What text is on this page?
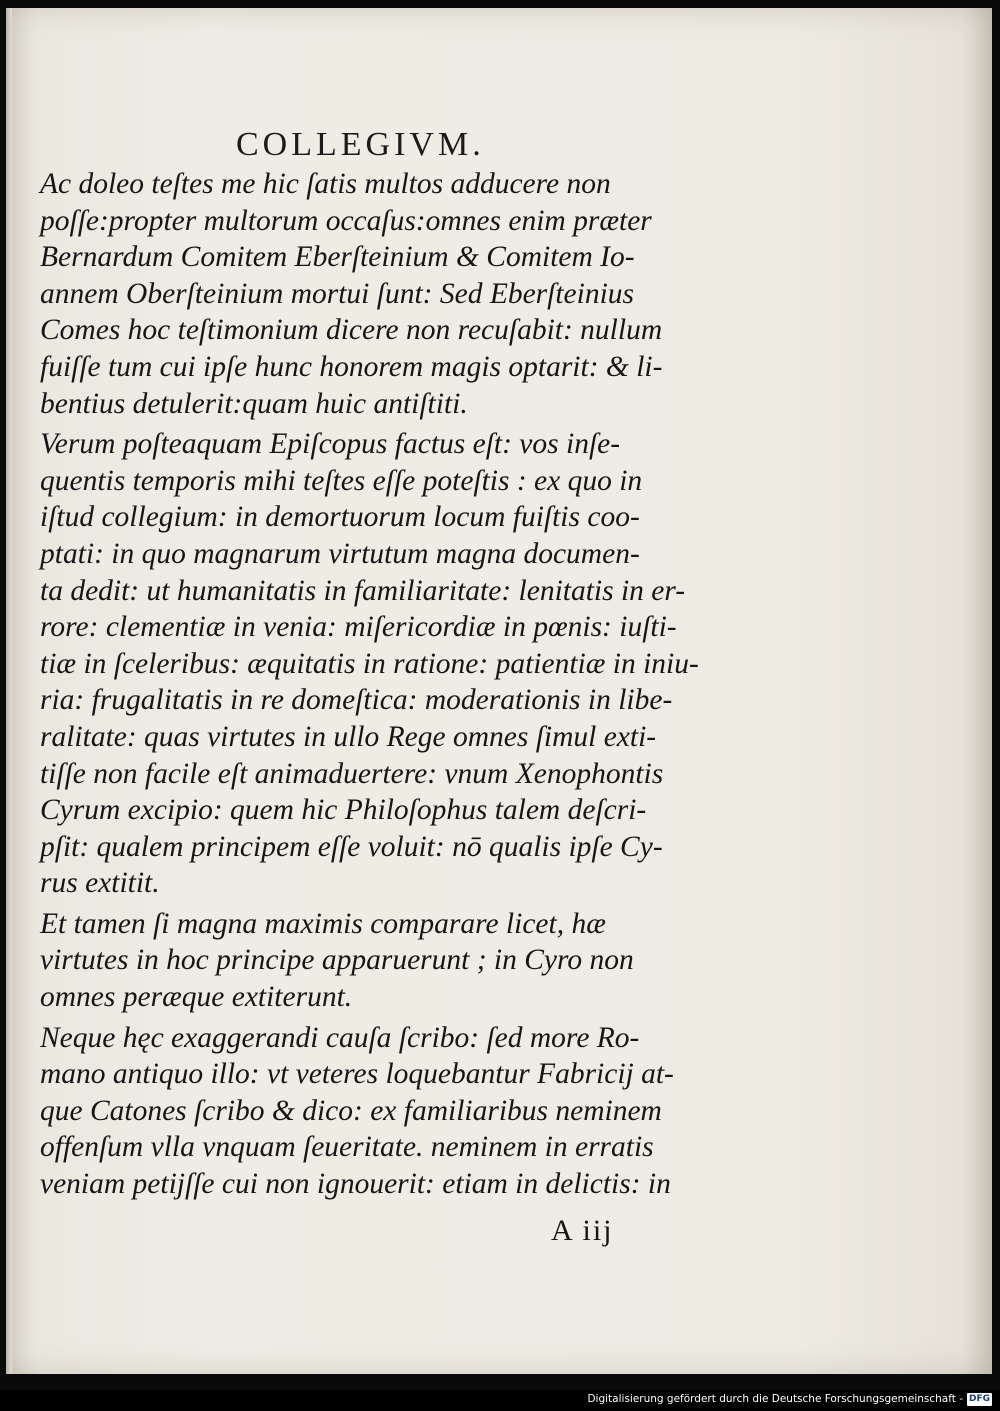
COLLEGIVM.
Ac doleo teſtes me hic ſatis multos adducere non
poſſe:propter multorum occaſus:omnes enim præter
Bernardum Comitem Eberſteinium & Comitem Io-
annem Oberſteinium mortui ſunt: Sed Eberſteinius
Comes hoc teſtimonium dicere non recuſabit: nullum
fuiſſe tum cui ipſe hunc honorem magis optarit: & li-
bentius detulerit:quam huic antiſtiti.
Verum poſteaquam Epiſcopus factus eſt: vos inſe-
quentis temporis mihi teſtes eſſe poteſtis : ex quo in
iſtud collegium: in demortuorum locum fuiſtis coo-
ptati: in quo magnarum virtutum magna documen-
ta dedit: ut humanitatis in familiaritate: lenitatis in er-
rore: clementiæ in venia: miſericordiæ in pœnis: iuſti-
tiæ in ſceleribus: æquitatis in ratione: patientiæ in iniu-
ria: frugalitatis in re domeſtica: moderationis in libe-
ralitate: quas virtutes in ullo Rege omnes ſimul exti-
tiſſe non facile eſt animaduertere: vnum Xenophontis
Cyrum excipio: quem hic Philoſophus talem deſcri-
pſit: qualem principem eſſe voluit: nō qualis ipſe Cy-
rus extitit.
Et tamen ſi magna maximis comparare licet, hæ
virtutes in hoc principe apparuerunt ; in Cyro non
omnes peræque extiterunt.
Neque hęc exaggerandi cauſa ſcribo: ſed more Ro-
mano antiquo illo: vt veteres loquebantur Fabricij at-
que Catones ſcribo & dico: ex familiaribus neminem
offenſum vlla vnquam ſeueritate. neminem in erratis
veniam petijſſe cui non ignouerit: etiam in delictis: in
A iij
Digitalisierung gefördert durch die Deutsche Forschungsgemeinschaft - DFG
